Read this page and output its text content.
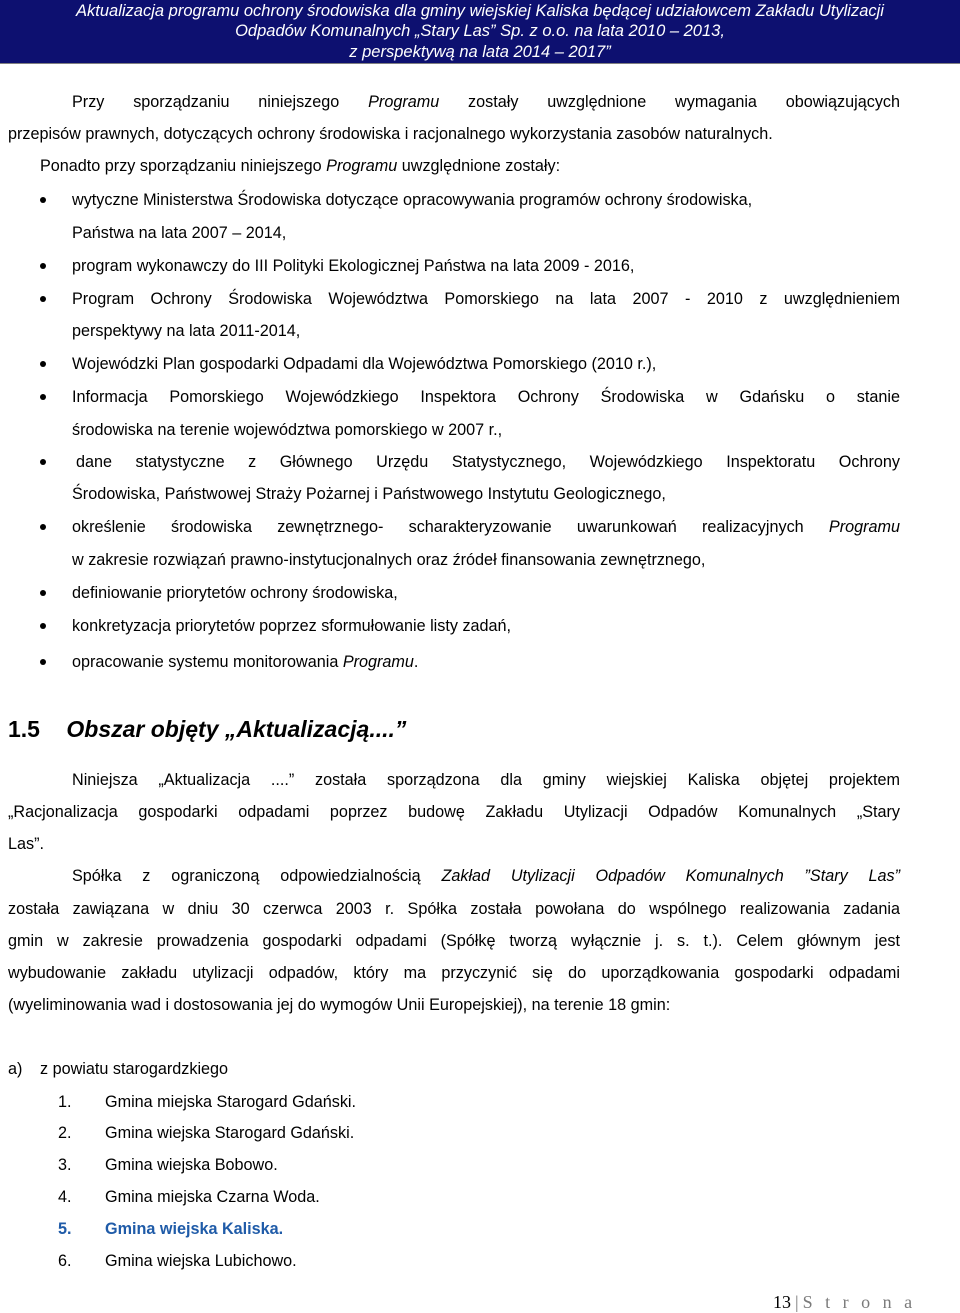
Aktualizacja programu ochrony środowiska dla gminy wiejskiej Kaliska będącej udziałowcem Zakładu Utylizacji
Odpadów Komunalnych „Stary Las” Sp. z o.o. na lata 2010 – 2013,
z perspektywą na lata 2014 – 2017”
Przy sporządzaniu niniejszego Programu zostały uwzględnione wymagania obowiązujących
przepisów prawnych, dotyczących ochrony środowiska i racjonalnego wykorzystania zasobów naturalnych.
Ponadto przy sporządzaniu niniejszego Programu uwzględnione zostały:
wytyczne Ministerstwa Środowiska dotyczące opracowywania programów ochrony środowiska,
Państwa na lata 2007 – 2014,
program wykonawczy do III Polityki Ekologicznej Państwa na lata 2009 - 2016,
Program Ochrony Środowiska Województwa Pomorskiego na lata 2007 - 2010 z uwzględnieniem
perspektywy na lata 2011-2014,
Wojewódzki Plan gospodarki Odpadami dla Województwa Pomorskiego (2010 r.),
Informacja Pomorskiego Wojewódzkiego Inspektora Ochrony Środowiska w Gdańsku o stanie
środowiska na terenie województwa pomorskiego w 2007 r.,
dane statystyczne z Głównego Urzędu Statystycznego, Wojewódzkiego Inspektoratu Ochrony
Środowiska, Państwowej Straży Pożarnej i Państwowego Instytutu Geologicznego,
określenie środowiska zewnętrznego- scharakteryzowanie uwarunkowań realizacyjnych Programu
w zakresie rozwiązań prawno-instytucjonalnych oraz źródeł finansowania zewnętrznego,
definiowanie priorytetów ochrony środowiska,
konkretyzacja priorytetów poprzez sformułowanie listy zadań,
opracowanie systemu monitorowania Programu.
1.5 Obszar objęty „Aktualizacją....”
Niniejsza „Aktualizacja ....” została sporządzona dla gminy wiejskiej Kaliska objętej projektem
„Racjonalizacja gospodarki odpadami poprzez budowę Zakładu Utylizacji Odpadów Komunalnych „Stary
Las”.
Spółka z ograniczoną odpowiedzialnością Zakład Utylizacji Odpadów Komunalnych ”Stary Las”
została zawiązana w dniu 30 czerwca 2003 r. Spółka została powołana do wspólnego realizowania zadania
gmin w zakresie prowadzenia gospodarki odpadami (Spółkę tworzą wyłącznie j. s. t.). Celem głównym jest
wybudowanie zakładu utylizacji odpadów, który ma przyczynić się do uporządkowania gospodarki odpadami
(wyeliminowania wad i dostosowania jej do wymogów Unii Europejskiej), na terenie 18 gmin:
a) z powiatu starogardzkiego
1. Gmina miejska Starogard Gdański.
2. Gmina wiejska Starogard Gdański.
3. Gmina wiejska Bobowo.
4. Gmina miejska Czarna Woda.
5. Gmina wiejska Kaliska.
6. Gmina wiejska Lubichowo.
13 | S t r o n a
